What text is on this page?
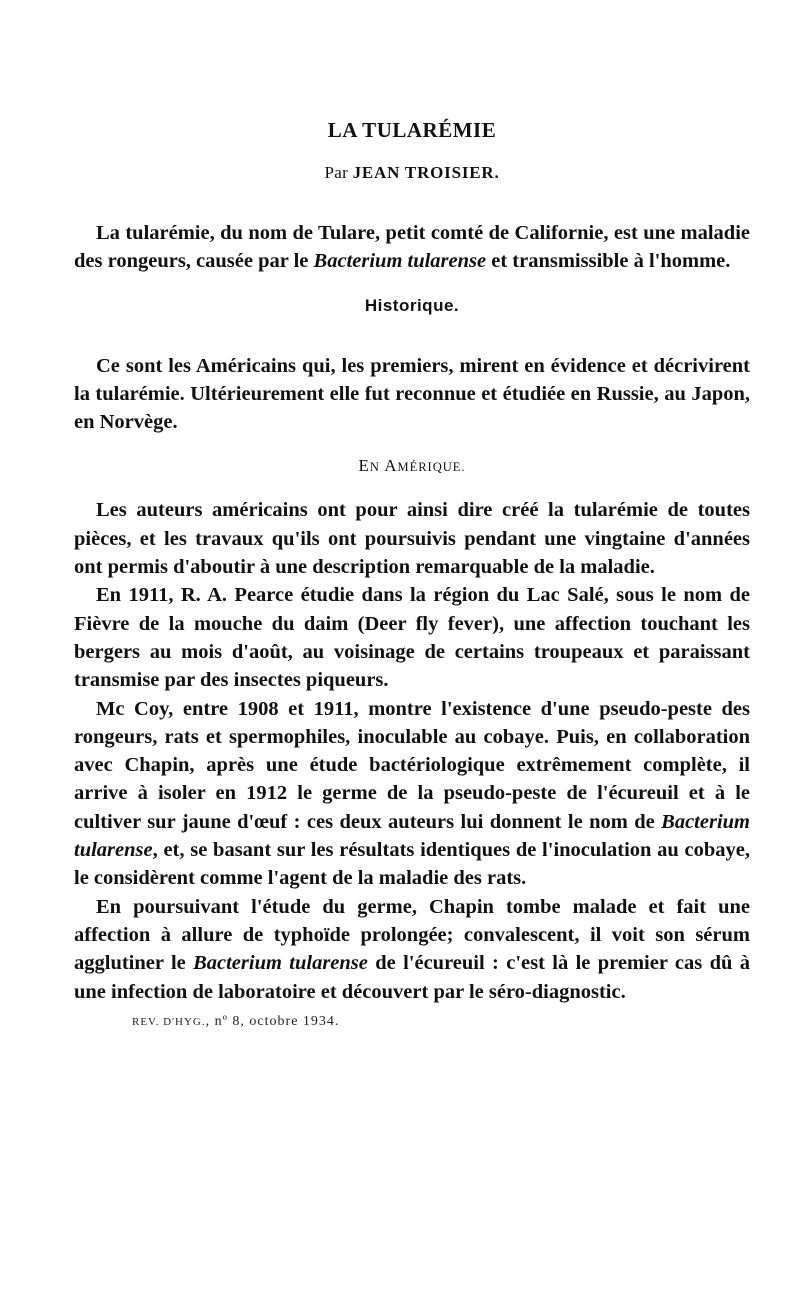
LA TULARÉMIE
Par JEAN TROISIER.

La tularémie, du nom de Tulare, petit comté de Californie, est une maladie des rongeurs, causée par le Bacterium tularense et transmissible à l'homme.

Historique.

Ce sont les Américains qui, les premiers, mirent en évidence et décrivirent la tularémie. Ultérieurement elle fut reconnue et étudiée en Russie, au Japon, en Norvège.

EN AMÉRIQUE.

Les auteurs américains ont pour ainsi dire créé la tularémie de toutes pièces, et les travaux qu'ils ont poursuivis pendant une vingtaine d'années ont permis d'aboutir à une description remarquable de la maladie.

En 1911, R. A. Pearce étudie dans la région du Lac Salé, sous le nom de Fièvre de la mouche du daim (Deer fly fever), une affection touchant les bergers au mois d'août, au voisinage de certains troupeaux et paraissant transmise par des insectes piqueurs.

Mc Coy, entre 1908 et 1911, montre l'existence d'une pseudo-peste des rongeurs, rats et spermophiles, inoculable au cobaye. Puis, en collaboration avec Chapin, après une étude bactériologique extrêmement complète, il arrive à isoler en 1912 le germe de la pseudo-peste de l'écureuil et à le cultiver sur jaune d'œuf : ces deux auteurs lui donnent le nom de Bacterium tularense, et, se basant sur les résultats identiques de l'inoculation au cobaye, le considèrent comme l'agent de la maladie des rats.

En poursuivant l'étude du germe, Chapin tombe malade et fait une affection à allure de typhoïde prolongée; convalescent, il voit son sérum agglutiner le Bacterium tularense de l'écureuil : c'est là le premier cas dû à une infection de laboratoire et découvert par le séro-diagnostic.

REV. D'HYG., nº 8, octobre 1934.
